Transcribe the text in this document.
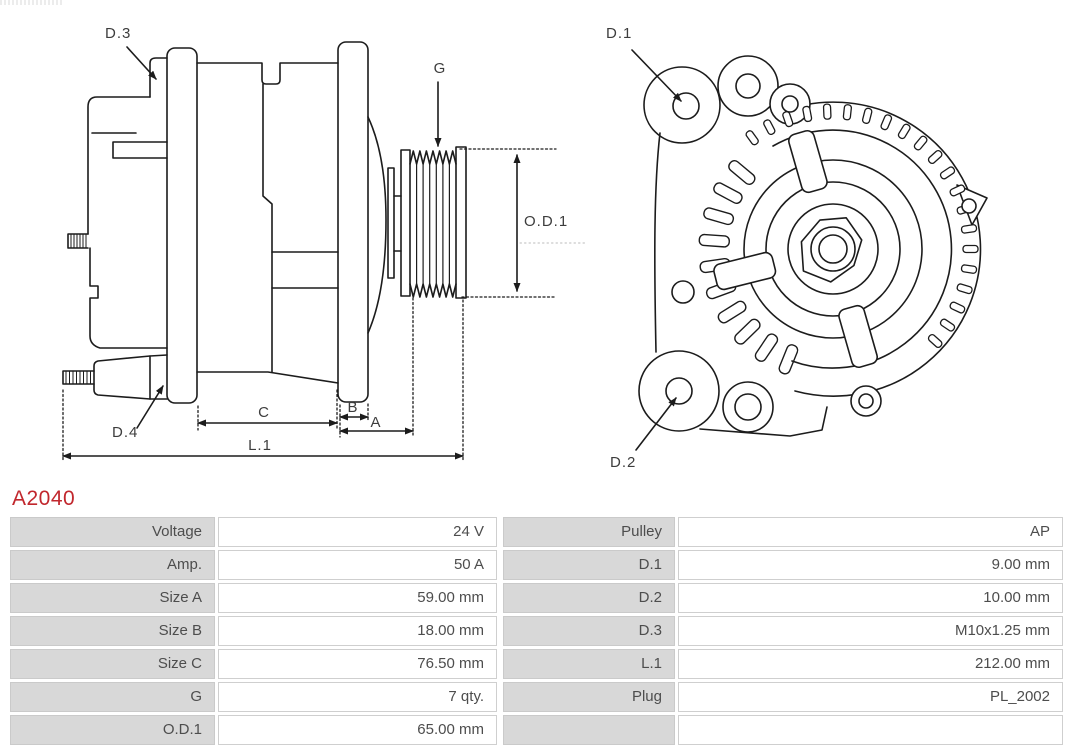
D.3
D.4
G
O.D.1
C	B
A
L.1
D.1
D.2
A2040
Voltage	24 V	Pulley	AP
Amp.	50 A	D.1	9.00 mm
Size A	59.00 mm	D.2	10.00 mm
Size B	18.00 mm	D.3	M10x1.25 mm
Size C	76.50 mm	L.1	212.00 mm
G	7 qty.	Plug	PL_2002
O.D.1	65.00 mm
